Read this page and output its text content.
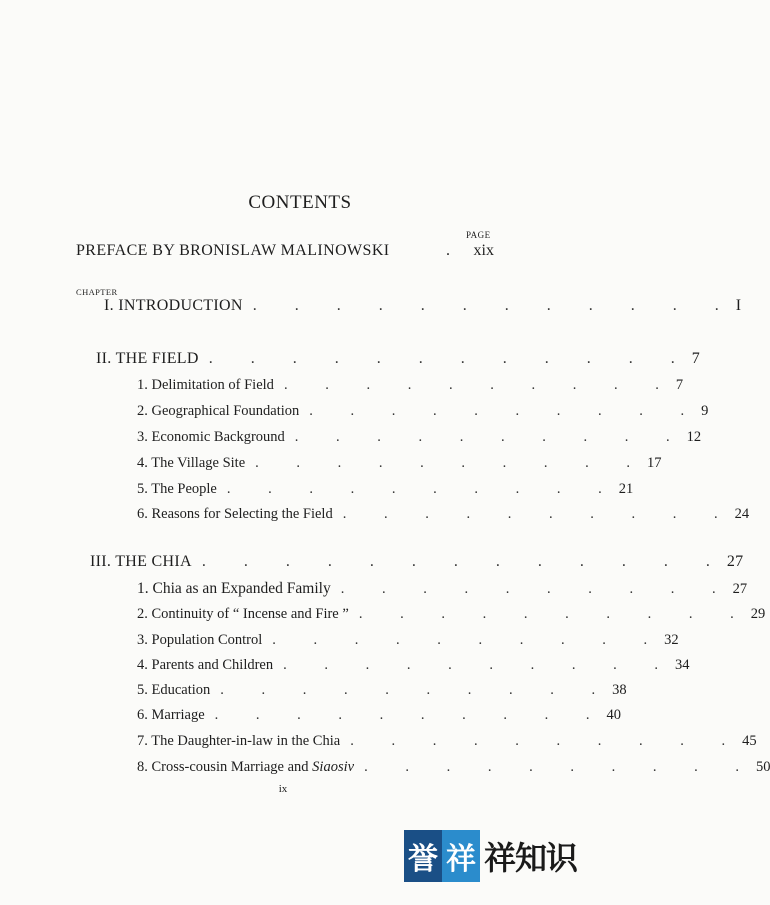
CONTENTS
PAGE
PREFACE BY BRONISLAW MALINOWSKI	. xix
CHAPTER
I. INTRODUCTION . . . . . . . . . . . . I
II. THE FIELD . . . . . . . . . . . . 7
1. Delimitation of Field . . . . . . . . . . 7
2. Geographical Foundation . . . . . . . . . . 9
3. Economic Background . . . . . . . . . . 12
4. The Village Site . . . . . . . . . . 17
5. The People . . . . . . . . . . 21
6. Reasons for Selecting the Field . . . . . . . . . . 24
III. THE CHIA . . . . . . . . . . . . . 27
1. Chia as an Expanded Family . . . . . . . . . . 27
2. Continuity of “ Incense and Fire ” . . . . . . . . . . 29
3. Population Control . . . . . . . . . . 32
4. Parents and Children . . . . . . . . . . 34
5. Education . . . . . . . . . . 38
6. Marriage . . . . . . . . . . 40
7. The Daughter-in-law in the Chia . . . . . . . . . . 45
8. Cross-cousin Marriage and Siaosiv . . . . . . . . . . 50
ix
誉 祥 祥知识
